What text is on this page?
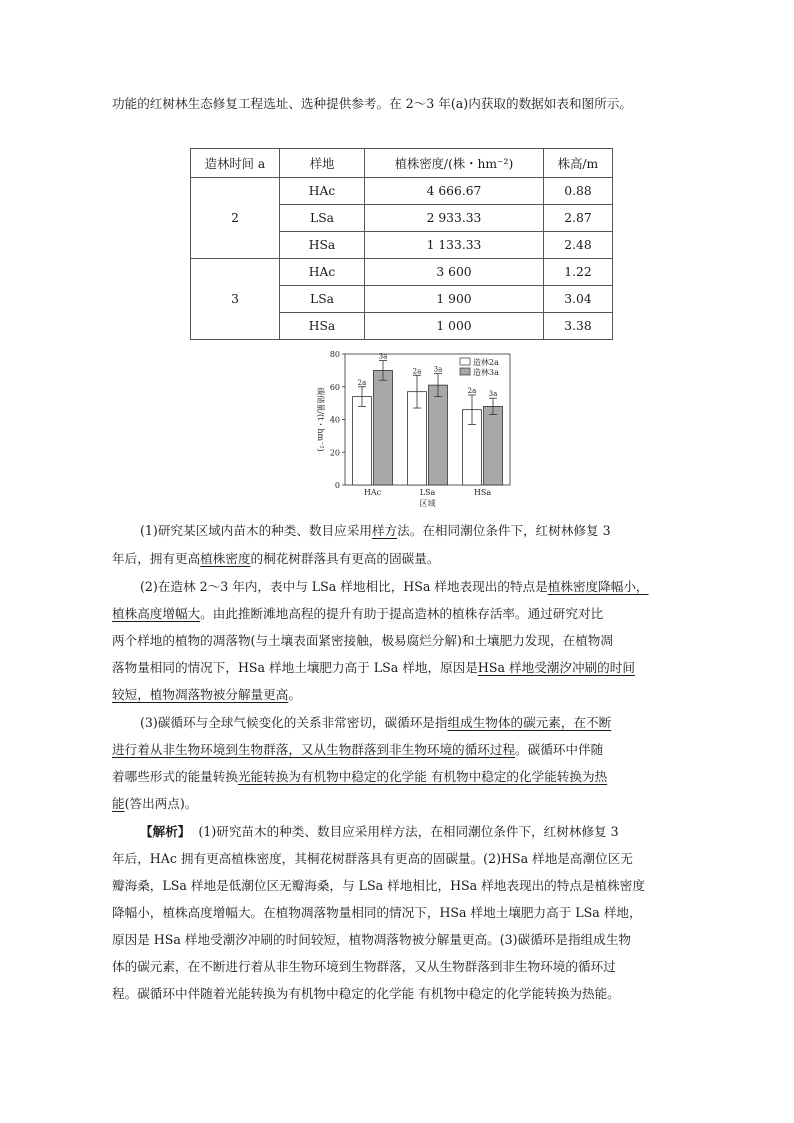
功能的红树林生态修复工程选址、选种提供参考。在 2～3 年(a)内获取的数据如表和图所示。
造林时间 a	样地	植株密度/(株・hm⁻²)	株高/m
2	HAc	4 666.67	0.88
	LSa	2 933.33	2.87
	HSa	1 133.33	2.48
3	HAc	3 600	1.22
	LSa	1 900	3.04
	HSa	1 000	3.38
0
20
40
60
80
碳储量/(t・hm⁻²)
HAc	LSa	HSa
区域
2a
3a
2a 3a
2a 3a
造林2a
造林3a
(1)研究某区域内苗木的种类、数目应采用样方法。在相同潮位条件下，红树林修复 3
年后，拥有更高植株密度的桐花树群落具有更高的固碳量。
(2)在造林 2～3 年内，表中与 LSa 样地相比，HSa 样地表现出的特点是植株密度降幅小，
植株高度增幅大。由此推断滩地高程的提升有助于提高造林的植株存活率。通过研究对比
两个样地的植物的凋落物(与土壤表面紧密接触，极易腐烂分解)和土壤肥力发现，在植物凋
落物量相同的情况下，HSa 样地土壤肥力高于 LSa 样地，原因是HSa 样地受潮汐冲刷的时间
较短，植物凋落物被分解量更高。
(3)碳循环与全球气候变化的关系非常密切，碳循环是指组成生物体的碳元素，在不断
进行着从非生物环境到生物群落，又从生物群落到非生物环境的循环过程。碳循环中伴随
着哪些形式的能量转换光能转换为有机物中稳定的化学能 有机物中稳定的化学能转换为热
能(答出两点)。
【解析】 (1)研究苗木的种类、数目应采用样方法，在相同潮位条件下，红树林修复 3
年后，HAc 拥有更高植株密度，其桐花树群落具有更高的固碳量。(2)HSa 样地是高潮位区无
瓣海桑，LSa 样地是低潮位区无瓣海桑，与 LSa 样地相比，HSa 样地表现出的特点是植株密度
降幅小，植株高度增幅大。在植物凋落物量相同的情况下，HSa 样地土壤肥力高于 LSa 样地，
原因是 HSa 样地受潮汐冲刷的时间较短，植物凋落物被分解量更高。(3)碳循环是指组成生物
体的碳元素，在不断进行着从非生物环境到生物群落，又从生物群落到非生物环境的循环过
程。碳循环中伴随着光能转换为有机物中稳定的化学能 有机物中稳定的化学能转换为热能。
